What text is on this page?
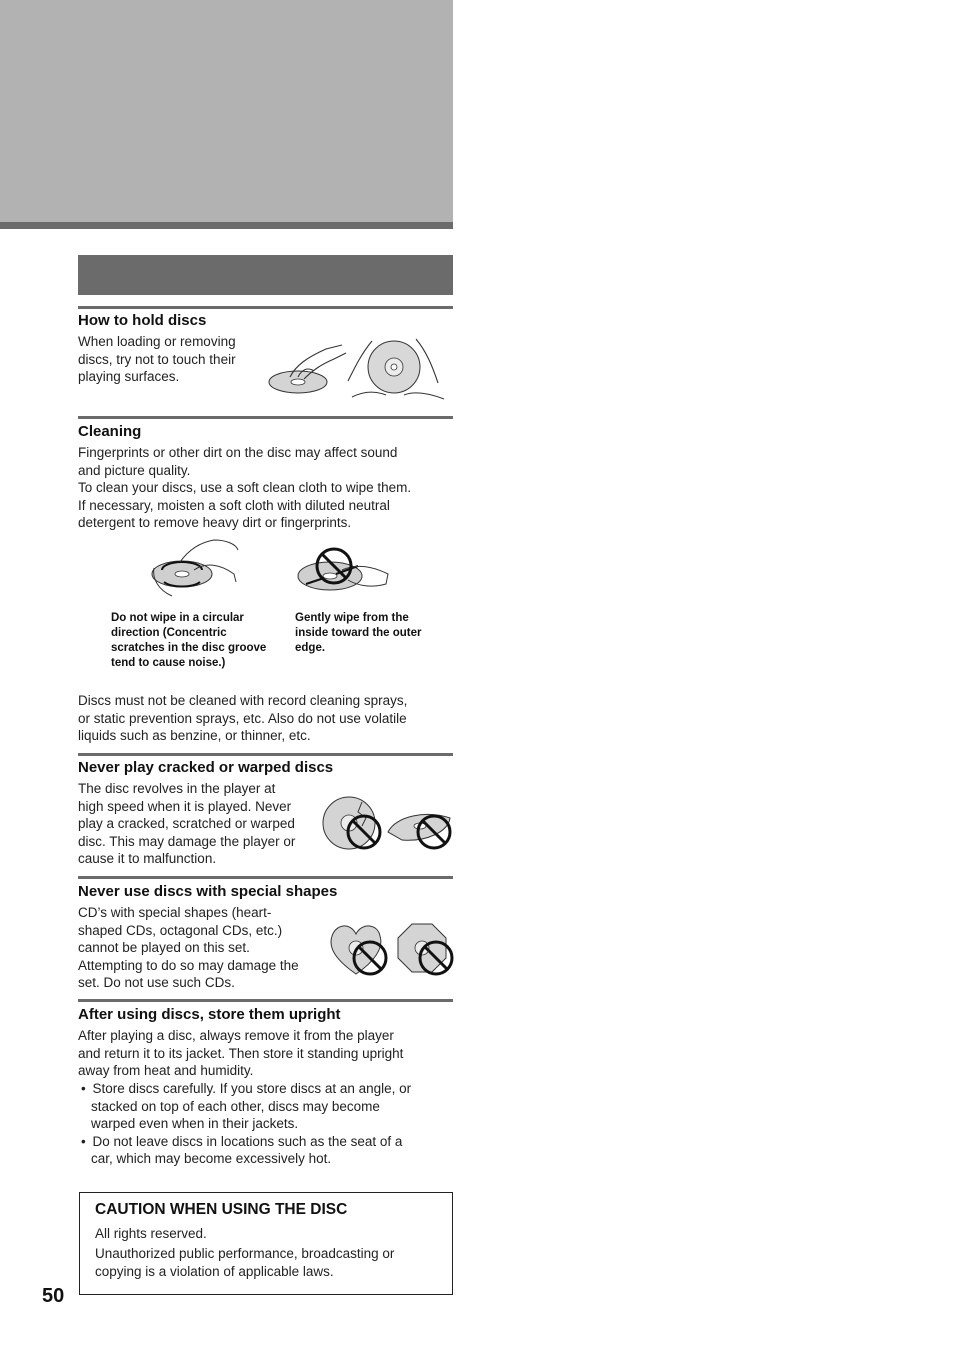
How to hold discs
When loading or removing
discs, try not to touch their
playing surfaces.
Cleaning
Fingerprints or other dirt on the disc may affect sound
and picture quality.
To clean your discs, use a soft clean cloth to wipe them.
If necessary, moisten a soft cloth with diluted neutral
detergent to remove heavy dirt or fingerprints.

Do not wipe in a circular
direction (Concentric
scratches in the disc groove
tend to cause noise.)

Gently wipe from the
inside toward the outer
edge.

Discs must not be cleaned with record cleaning sprays,
or static prevention sprays, etc. Also do not use volatile
liquids such as benzine, or thinner, etc.
Never play cracked or warped discs
The disc revolves in the player at
high speed when it is played. Never
play a cracked, scratched or warped
disc. This may damage the player or
cause it to malfunction.
Never use discs with special shapes
CD’s with special shapes (heart-
shaped CDs, octagonal CDs, etc.)
cannot be played on this set.
Attempting to do so may damage the
set. Do not use such CDs.
After using discs, store them upright
After playing a disc, always remove it from the player
and return it to its jacket. Then store it standing upright
away from heat and humidity.
• Store discs carefully. If you store discs at an angle, or
stacked on top of each other, discs may become
warped even when in their jackets.
• Do not leave discs in locations such as the seat of a
car, which may become excessively hot.
CAUTION WHEN USING THE DISC

All rights reserved.

Unauthorized public performance, broadcasting or
copying is a violation of applicable laws.

50
